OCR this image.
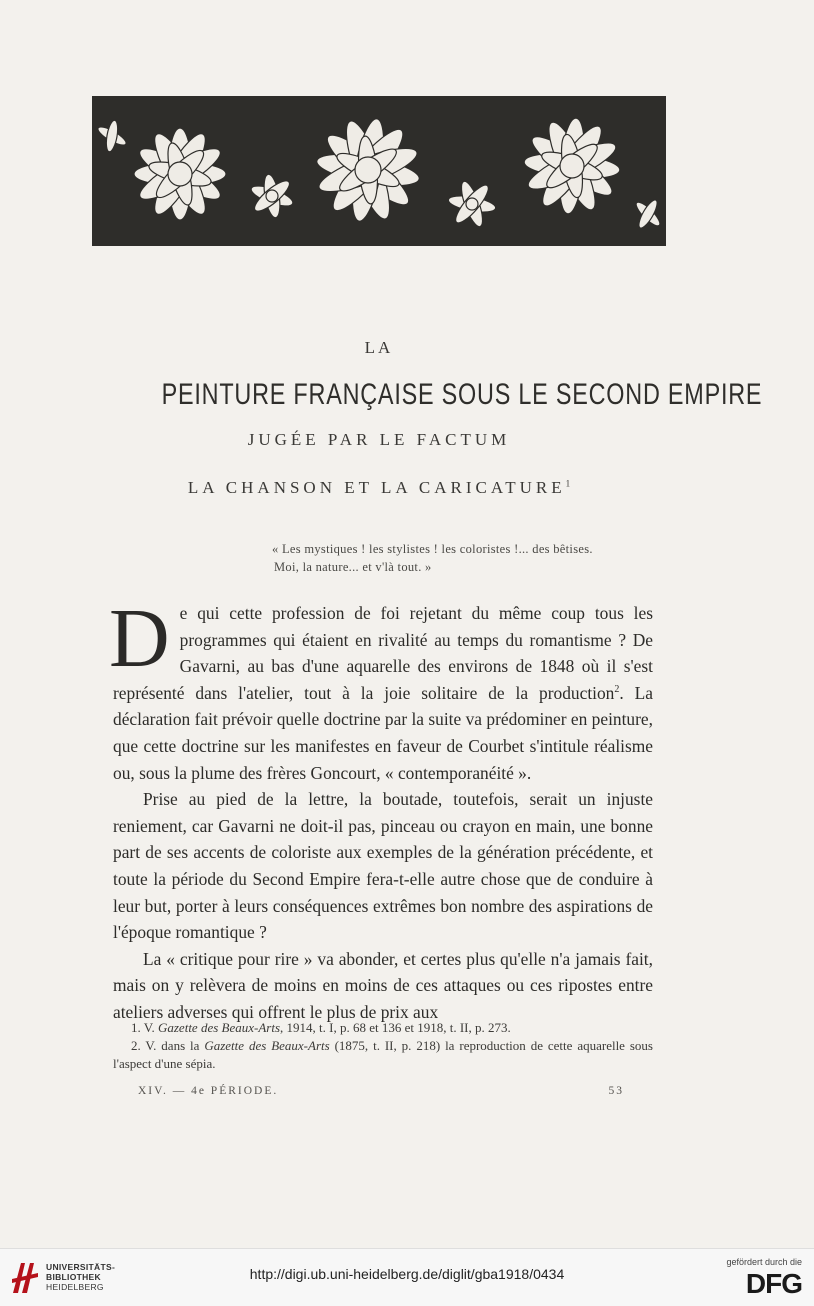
LA
PEINTURE FRANÇAISE SOUS LE SECOND EMPIRE
JUGÉE PAR LE FACTUM
LA CHANSON ET LA CARICATURE$^1$
« Les mystiques ! les stylistes ! les coloristes !... des bêtises.
Moi, la nature... et v'là tout. »

De qui cette profession de foi rejetant du même coup tous les programmes qui étaient en rivalité au temps du romantisme ? De Gavarni, au bas d'une aquarelle des environs de 1848 où il s'est représenté dans l'atelier, tout à la joie solitaire de la production$^2$. La déclaration fait prévoir quelle doctrine par la suite va prédominer en peinture, que cette doctrine sur les manifestes en faveur de Courbet s'intitule réalisme ou, sous la plume des frères Goncourt, « contemporanéité ».

Prise au pied de la lettre, la boutade, toutefois, serait un injuste reniement, car Gavarni ne doit-il pas, pinceau ou crayon en main, une bonne part de ses accents de coloriste aux exemples de la génération précédente, et toute la période du Second Empire fera-t-elle autre chose que de conduire à leur but, porter à leurs conséquences extrêmes bon nombre des aspirations de l'époque romantique ?

La « critique pour rire » va abonder, et certes plus qu'elle n'a jamais fait, mais on y relèvera de moins en moins de ces attaques ou ces ripostes entre ateliers adverses qui offrent le plus de prix aux

1. V. Gazette des Beaux-Arts, 1914, t. I, p. 68 et 136 et 1918, t. II, p. 273.

2. V. dans la Gazette des Beaux-Arts (1875, t. II, p. 218) la reproduction de cette aquarelle sous l'aspect d'une sépia.

XIV. — 4e PÉRIODE.	53
UNIVERSITÄTS-
BIBLIOTHEK
HEIDELBERG
http://digi.ub.uni-heidelberg.de/diglit/gba1918/0434
gefördert durch die
DFG
